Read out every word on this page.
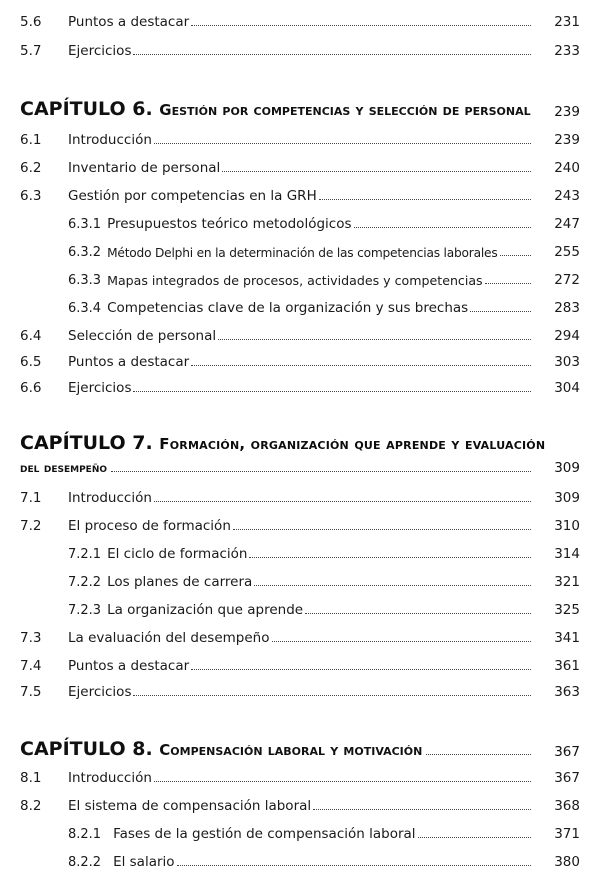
5.6	Puntos a destacar	231
5.7	Ejercicios	233
CAPÍTULO 6. Gestión por competencias y selección de personal	239
6.1	Introducción	239
6.2	Inventario de personal	240
6.3	Gestión por competencias en la GRH	243
6.3.1 Presupuestos teórico metodológicos	247
6.3.2 Método Delphi en la determinación de las competencias laborales	255
6.3.3 Mapas integrados de procesos, actividades y competencias	272
6.3.4 Competencias clave de la organización y sus brechas	283
6.4	Selección de personal	294
6.5	Puntos a destacar	303
6.6	Ejercicios	304
CAPÍTULO 7. Formación, organización que aprende y evaluación
del desempeño	309
7.1	Introducción	309
7.2	El proceso de formación	310
7.2.1 El ciclo de formación	314
7.2.2 Los planes de carrera	321
7.2.3 La organización que aprende	325
7.3	La evaluación del desempeño	341
7.4	Puntos a destacar	361
7.5	Ejercicios	363
CAPÍTULO 8. Compensación laboral y motivación	367
8.1	Introducción	367
8.2	El sistema de compensación laboral	368
8.2.1 Fases de la gestión de compensación laboral	371
8.2.2 El salario	380
